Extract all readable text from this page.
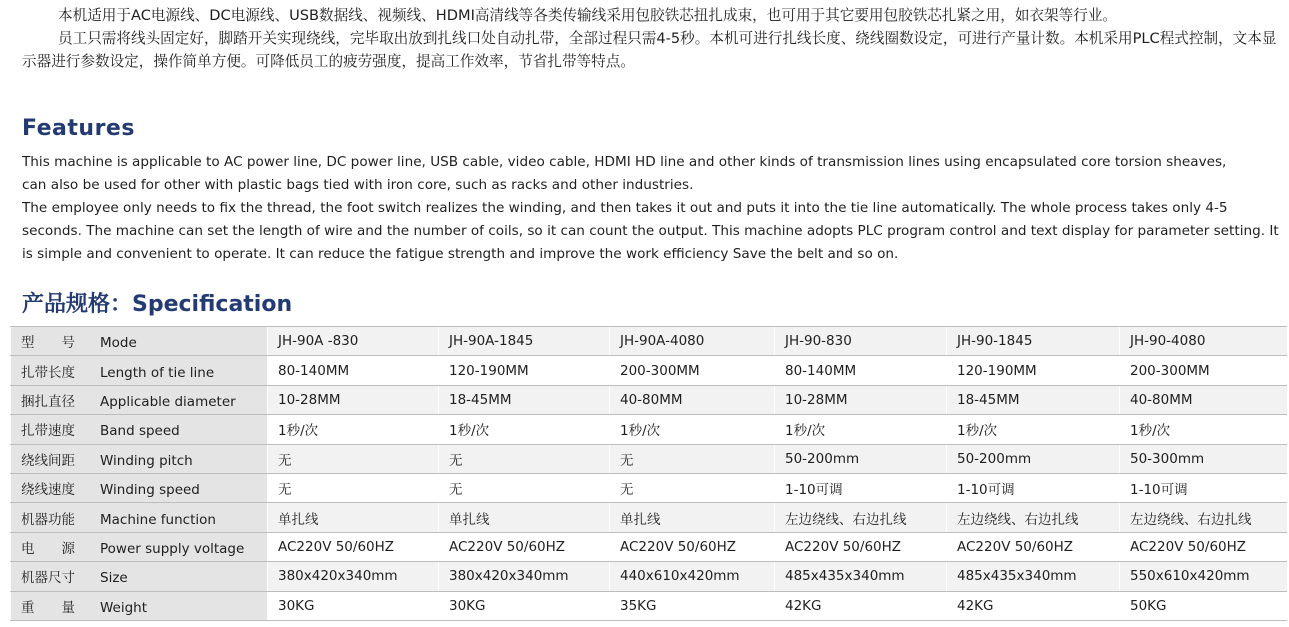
本机适用于AC电源线、DC电源线、USB数据线、视频线、HDMI高清线等各类传输线采用包胶铁芯扭扎成束，也可用于其它要用包胶铁芯扎紧之用，如衣架等行业。

员工只需将线头固定好，脚踏开关实现绕线，完毕取出放到扎线口处自动扎带，全部过程只需4-5秒。本机可进行扎线长度、绕线圈数设定，可进行产量计数。本机采用PLC程式控制，文本显示器进行参数设定，操作简单方便。可降低员工的疲劳强度，提高工作效率，节省扎带等特点。

Features
This machine is applicable to AC power line, DC power line, USB cable, video cable, HDMI HD line and other kinds of transmission lines using encapsulated core torsion sheaves,
can also be used for other with plastic bags tied with iron core, such as racks and other industries.

The employee only needs to fix the thread, the foot switch realizes the winding, and then takes it out and puts it into the tie line automatically. The whole process takes only 4-5 seconds. The machine can set the length of wire and the number of coils, so it can count the output. This machine adopts PLC program control and text display for parameter setting. It is simple and convenient to operate. It can reduce the fatigue strength and improve the work efficiency Save the belt and so on.

产品规格：Specification
型　　号 Mode	JH-90A -830	JH-90A-1845	JH-90A-4080	JH-90-830	JH-90-1845	JH-90-4080
扎带长度 Length of tie line	80-140MM	120-190MM	200-300MM	80-140MM	120-190MM	200-300MM
捆扎直径 Applicable diameter	10-28MM	18-45MM	40-80MM	10-28MM	18-45MM	40-80MM
扎带速度 Band speed	1秒/次	1秒/次	1秒/次	1秒/次	1秒/次	1秒/次
绕线间距 Winding pitch	无	无	无	50-200mm	50-200mm	50-300mm
绕线速度 Winding speed	无	无	无	1-10可调	1-10可调	1-10可调
机器功能 Machine function	单扎线	单扎线	单扎线	左边绕线、右边扎线	左边绕线、右边扎线	左边绕线、右边扎线
电　　源 Power supply voltage	AC220V 50/60HZ	AC220V 50/60HZ	AC220V 50/60HZ	AC220V 50/60HZ	AC220V 50/60HZ	AC220V 50/60HZ
机器尺寸 Size	380x420x340mm	380x420x340mm	440x610x420mm	485x435x340mm	485x435x340mm	550x610x420mm
重　　量 Weight	30KG	30KG	35KG	42KG	42KG	50KG
